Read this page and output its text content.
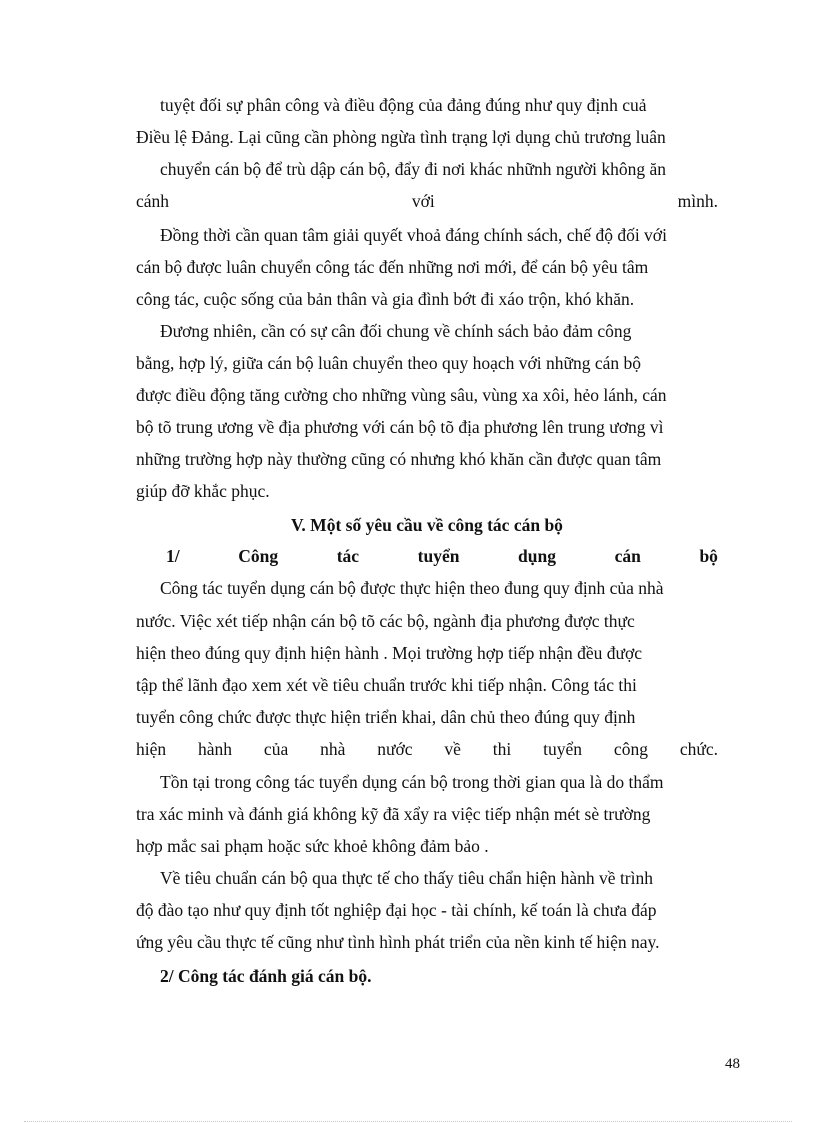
tuyệt đối sự phân công và điều động của đảng đúng như quy định cuả
Điều lệ Đảng. Lại cũng cần phòng ngừa tình trạng lợi dụng chủ trương luân
chuyển cán bộ để trù dập cán bộ, đẩy đi nơi khác nhữnh người không ăn
cánh	với	mình.
Đồng thời cần quan tâm giải quyết vhoả đáng chính sách, chế độ đối với
cán bộ được luân chuyển công tác đến những nơi mới, để cán bộ yêu tâm
công tác, cuộc sống của bản thân và gia đình bớt đi xáo trộn, khó khăn.
Đương nhiên, cần có sự cân đối chung về chính sách bảo đảm công
bằng, hợp lý, giữa cán bộ luân chuyển theo quy hoạch với những cán bộ
được điều động tăng cường cho những vùng sâu, vùng xa xôi, hẻo lánh, cán
bộ tõ trung ương về địa phương với cán bộ tõ địa phương lên trung ương vì
những trường hợp này thường cũng có nhưng khó khăn cần được quan tâm
giúp đỡ khắc phục.
V. Một số yêu cầu về công tác cán bộ
1/	Công	tác	tuyển	dụng	cán	bộ
Công tác tuyển dụng cán bộ được thực hiện theo đung quy định của nhà
nước. Việc xét tiếp nhận cán bộ tõ các bộ, ngành địa phương được thực
hiện theo đúng quy định hiện hành . Mọi trường hợp tiếp nhận đều được
tập thể lãnh đạo xem xét về tiêu chuẩn trước khi tiếp nhận. Công tác thi
tuyển công chức được thực hiện triển khai, dân chủ theo đúng quy định
hiện hành của nhà nước về thi tuyển công chức.
Tồn tại trong công tác tuyển dụng cán bộ trong thời gian qua là do thẩm
tra xác minh và đánh giá không kỹ đã xẩy ra việc tiếp nhận mét sè trường
hợp mắc sai phạm hoặc sức khoẻ không đảm bảo .
Về tiêu chuẩn cán bộ qua thực tế cho thấy tiêu chẩn hiện hành về trình
độ đào tạo như quy định tốt nghiệp đại học - tài chính, kế toán là chưa đáp
ứng yêu cầu thực tế cũng như tình hình phát triển của nền kinh tế hiện nay.
2/ Công tác đánh giá cán bộ.
48
